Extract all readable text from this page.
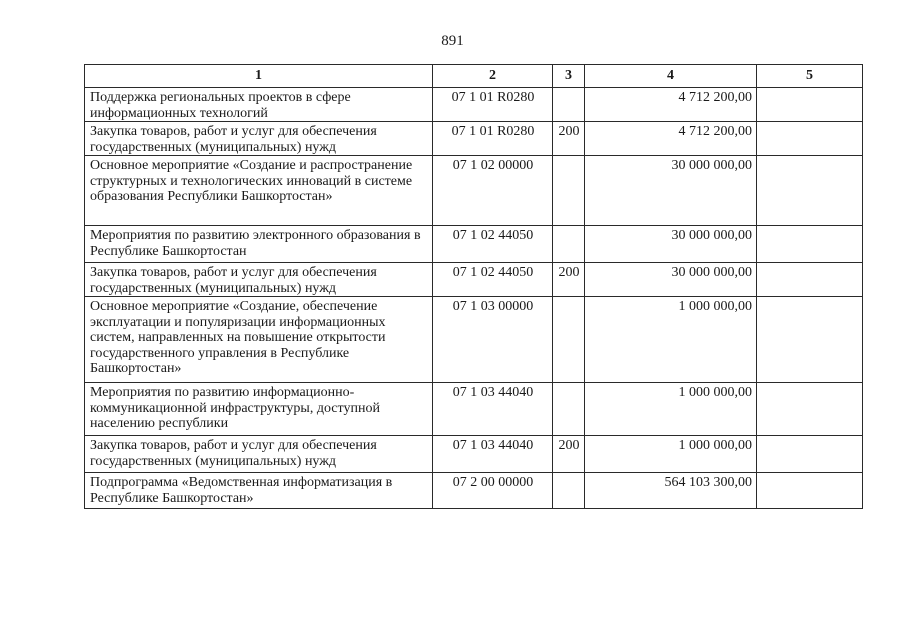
891
1	2	3	4	5
Поддержка региональных проектов в сфере информационных технологий	07 1 01 R0280		4 712 200,00	
Закупка товаров, работ и услуг для обеспечения государственных (муниципальных) нужд	07 1 01 R0280	200	4 712 200,00	
Основное мероприятие «Создание и распространение структурных и технологических инноваций в системе образования Республики Башкортостан»	07 1 02 00000		30 000 000,00	
Мероприятия по развитию электронного образования в Республике Башкортостан	07 1 02 44050		30 000 000,00	
Закупка товаров, работ и услуг для обеспечения государственных (муниципальных) нужд	07 1 02 44050	200	30 000 000,00	
Основное мероприятие «Создание, обеспечение эксплуатации и популяризации информационных систем, направленных на повышение открытости государственного управления в Республике Башкортостан»	07 1 03 00000		1 000 000,00	
Мероприятия по развитию информационно-коммуникационной инфраструктуры, доступной населению республики	07 1 03 44040		1 000 000,00	
Закупка товаров, работ и услуг для обеспечения государственных (муниципальных) нужд	07 1 03 44040	200	1 000 000,00	
Подпрограмма «Ведомственная информатизация в Республике Башкортостан»	07 2 00 00000		564 103 300,00	
